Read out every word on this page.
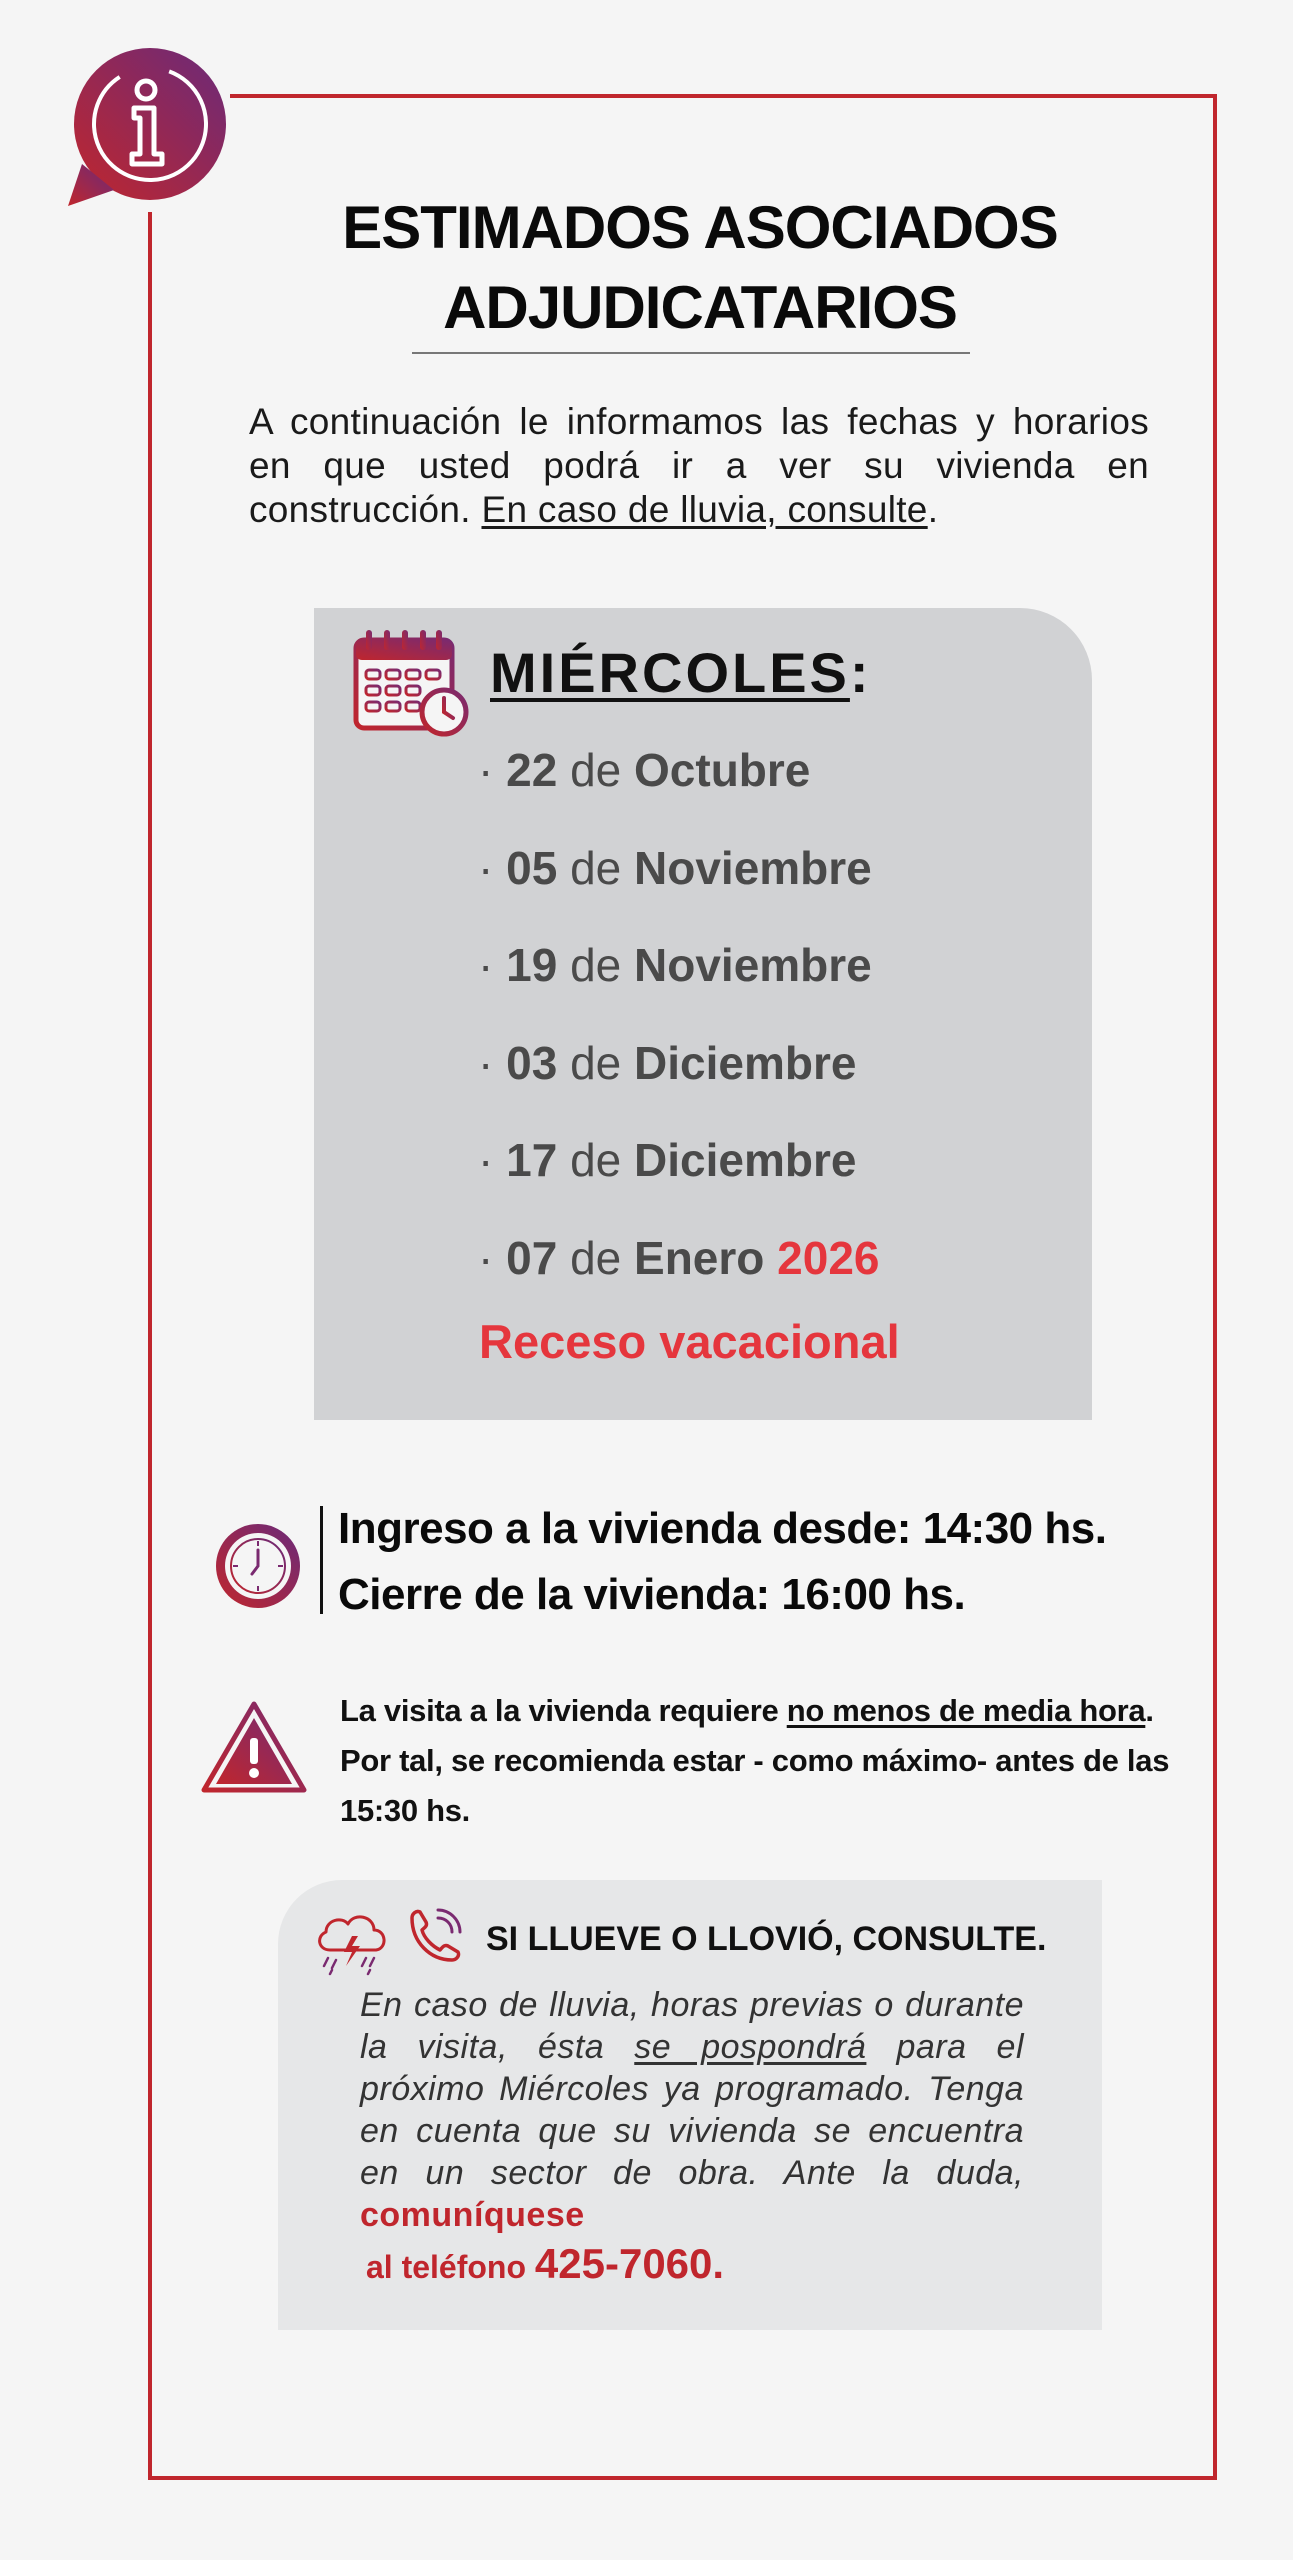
ESTIMADOS ASOCIADOS
ADJUDICATARIOS
A continuación le informamos las fechas y horarios en que usted podrá ir a ver su vivienda en construcción. En caso de lluvia, consulte.
MIÉRCOLES:
· 22 de Octubre
· 05 de Noviembre
· 19 de Noviembre
· 03 de Diciembre
· 17 de Diciembre
· 07 de Enero 2026
Receso vacacional
Ingreso a la vivienda desde: 14:30 hs.
Cierre de la vivienda: 16:00 hs.
La visita a la vivienda requiere no menos de media hora. Por tal, se recomienda estar - como máximo- antes de las 15:30 hs.
SI LLUEVE O LLOVIÓ, CONSULTE.
En caso de lluvia, horas previas o durante la visita, ésta se pospondrá para el próximo Miércoles ya programado. Tenga en cuenta que su vivienda se encuentra en un sector de obra. Ante la duda, comuníquese
al teléfono 425-7060.
